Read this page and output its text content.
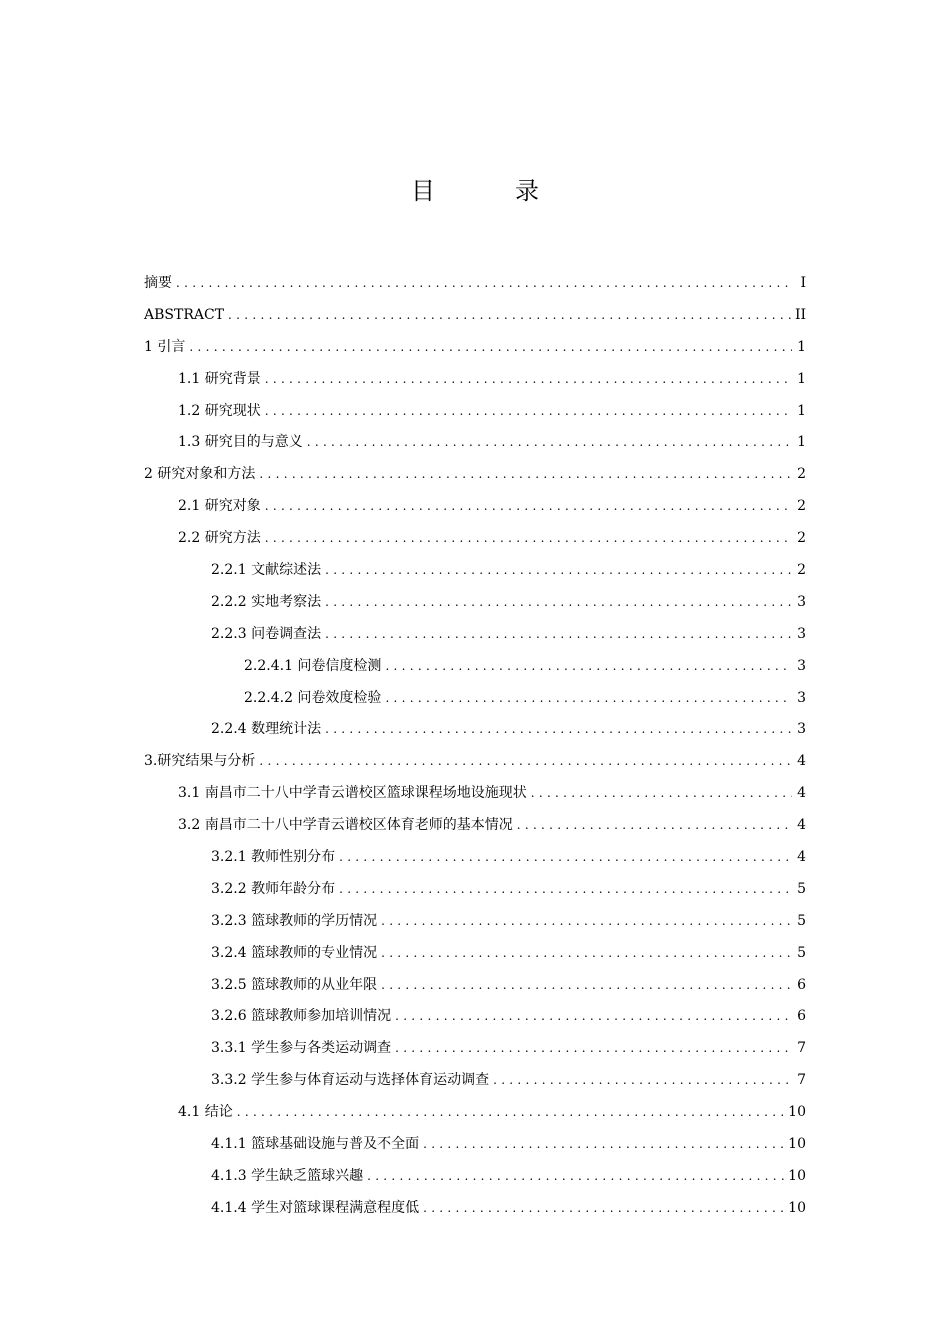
目　录
摘要 .....	I
ABSTRACT .....	II
1 引言 .....	1
1.1 研究背景 .....	1
1.2 研究现状 .....	1
1.3 研究目的与意义 .....	1
2 研究对象和方法 .....	2
2.1 研究对象 .....	2
2.2 研究方法 .....	2
2.2.1 文献综述法 .....	2
2.2.2 实地考察法 .....	3
2.2.3 问卷调查法 .....	3
2.2.4.1 问卷信度检测 .....	3
2.2.4.2 问卷效度检验 .....	3
2.2.4 数理统计法 .....	3
3.研究结果与分析 .....	4
3.1 南昌市二十八中学青云谱校区篮球课程场地设施现状 .....	4
3.2 南昌市二十八中学青云谱校区体育老师的基本情况 .....	4
3.2.1 教师性别分布 .....	4
3.2.2 教师年龄分布 .....	5
3.2.3 篮球教师的学历情况 .....	5
3.2.4 篮球教师的专业情况 .....	5
3.2.5 篮球教师的从业年限 .....	6
3.2.6 篮球教师参加培训情况 .....	6
3.3.1 学生参与各类运动调查 .....	7
3.3.2 学生参与体育运动与选择体育运动调查 .....	7
4.1 结论 .....	10
4.1.1 篮球基础设施与普及不全面 .....	10
4.1.3 学生缺乏篮球兴趣 .....	10
4.1.4 学生对篮球课程满意程度低 .....	10
